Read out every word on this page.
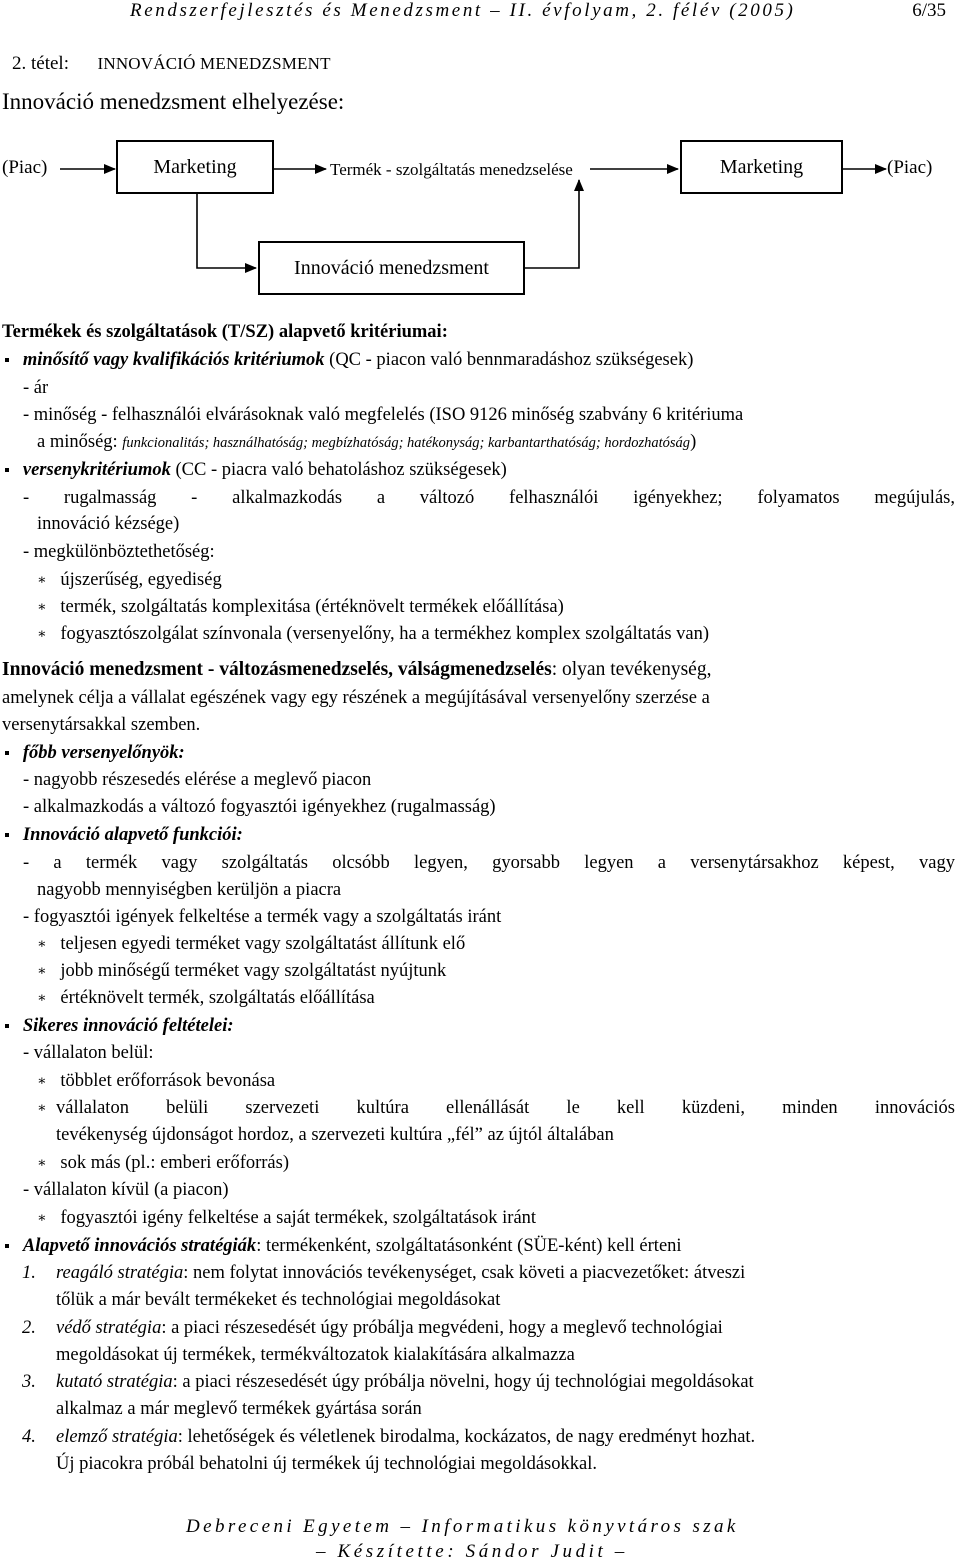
Rendszerfejlesztés és Menedzsment – II. évfolyam, 2. félév (2005)	6/35
2. tétel: INNOVÁCIÓ MENEDZSMENT
Innováció menedzsment elhelyezése:
(Piac)	Marketing	Termék - szolgáltatás menedzselése	Marketing	(Piac)
Innováció menedzsment
Termékek és szolgáltatások (T/SZ) alapvető kritériumai:
minősítő vagy kvalifikációs kritériumok (QC - piacon való bennmaradáshoz szükségesek)
- ár
- minőség - felhasználói elvárásoknak való megfelelés (ISO 9126 minőség szabvány 6 kritériuma
a minőség: funkcionalitás; használhatóság; megbízhatóság; hatékonyság; karbantarthatóság; hordozhatóság)
versenykritériumok (CC - piacra való behatoláshoz szükségesek)
- rugalmasság - alkalmazkodás a változó felhasználói igényekhez; folyamatos megújulás,
innováció kézsége)
- megkülönböztethetőség:
∗ újszerűség, egyediség
∗ termék, szolgáltatás komplexitása (értéknövelt termékek előállítása)
∗ fogyasztószolgálat színvonala (versenyelőny, ha a termékhez komplex szolgáltatás van)
Innováció menedzsment - változásmenedzselés, válságmenedzselés: olyan tevékenység,
amelynek célja a vállalat egészének vagy egy részének a megújításával versenyelőny szerzése a
versenytársakkal szemben.
főbb versenyelőnyök:
- nagyobb részesedés elérése a meglevő piacon
- alkalmazkodás a változó fogyasztói igényekhez (rugalmasság)
Innováció alapvető funkciói:
- a termék vagy szolgáltatás olcsóbb legyen, gyorsabb legyen a versenytársakhoz képest, vagy
nagyobb mennyiségben kerüljön a piacra
- fogyasztói igények felkeltése a termék vagy a szolgáltatás iránt
∗ teljesen egyedi terméket vagy szolgáltatást állítunk elő
∗ jobb minőségű terméket vagy szolgáltatást nyújtunk
∗ értéknövelt termék, szolgáltatás előállítása
Sikeres innováció feltételei:
- vállalaton belül:
∗ többlet erőforrások bevonása
∗ vállalaton belüli szervezeti kultúra ellenállását le kell küzdeni, minden innovációs
tevékenység újdonságot hordoz, a szervezeti kultúra „fél” az újtól általában
∗ sok más (pl.: emberi erőforrás)
- vállalaton kívül (a piacon)
∗ fogyasztói igény felkeltése a saját termékek, szolgáltatások iránt
Alapvető innovációs stratégiák: termékenként, szolgáltatásonként (SÜE-ként) kell érteni
1. reagáló stratégia: nem folytat innovációs tevékenységet, csak követi a piacvezetőket: átveszi
tőlük a már bevált termékeket és technológiai megoldásokat
2. védő stratégia: a piaci részesedését úgy próbálja megvédeni, hogy a meglevő technológiai
megoldásokat új termékek, termékváltozatok kialakítására alkalmazza
3. kutató stratégia: a piaci részesedését úgy próbálja növelni, hogy új technológiai megoldásokat
alkalmaz a már meglevő termékek gyártása során
4. elemző stratégia: lehetőségek és véletlenek birodalma, kockázatos, de nagy eredményt hozhat.
Új piacokra próbál behatolni új termékek új technológiai megoldásokkal.
Debreceni Egyetem – Informatikus könyvtáros szak
– Készítette: Sándor Judit –
